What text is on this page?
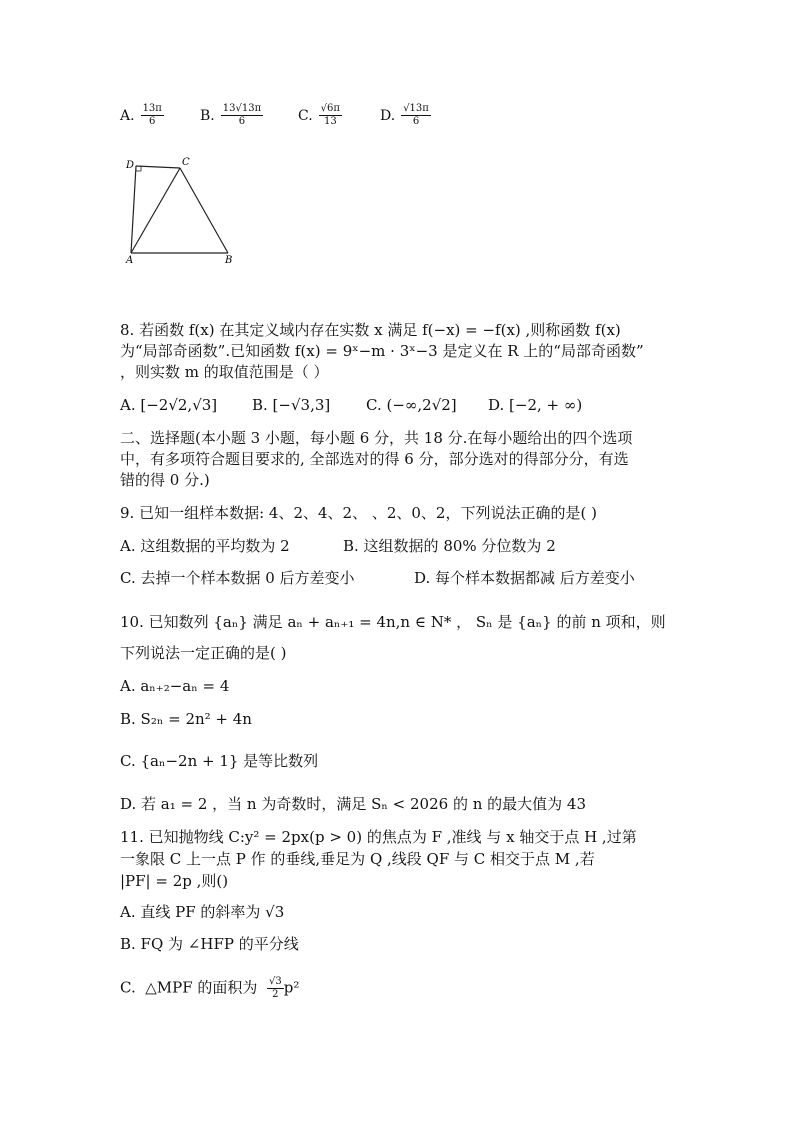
A. $\frac{13\pi}{6}$	B. $\frac{13√13\pi}{6} C$. $\frac{√6\pi}{13}$	D. $\frac{√13\pi}{6}$
D	C
A	B
8. 若函数 f(x) 在其定义域内存在实数 x 满足 f(−x) = −f(x) ,则称函数 f(x)
为“局部奇函数”.已知函数 f(x) = 9ˣ−m · 3ˣ−3 是定义在 R 上的“局部奇函数”
，则实数 m 的取值范围是（ ）
A. [−2√2,√3] B. [−√3,3] C. (−∞,2√2] D. [−2, + ∞)
二、选择题(本小题 3 小题，每小题 6 分，共 18 分.在每小题给出的四个选项
中，有多项符合题目要求的, 全部选对的得 6 分，部分选对的得部分分，有选
错的得 0 分.)
9. 已知一组样本数据: 4、2、4、2、 、2、0、2，下列说法正确的是( )
A. 这组数据的平均数为 2	B. 这组数据的 80% 分位数为 2
C. 去掉一个样本数据 0 后方差变小	D. 每个样本数据都减 后方差变小
10. 已知数列 {aₙ} 满足 aₙ + aₙ₊₁ = 4n,n ∈ N* ， Sₙ 是 {aₙ} 的前 n 项和，则
下列说法一定正确的是( )
A. aₙ₊₂−aₙ = 4
B. S₂ₙ = 2n² + 4n
C. {aₙ−2n + 1} 是等比数列
D. 若 a₁ = 2 ，当 n 为奇数时，满足 Sₙ < 2026 的 n 的最大值为 43
11. 已知抛物线 C:y² = 2px(p > 0) 的焦点为 F ,准线 与 x 轴交于点 H ,过第
一象限 C 上一点 P 作 的垂线,垂足为 Q ,线段 QF 与 C 相交于点 M ,若
|PF| = 2p ,则()
A. 直线 PF 的斜率为 √3
B. FQ 为 ∠HFP 的平分线
C. △MPF 的面积为 $\frac{√3}{2} p^2$
